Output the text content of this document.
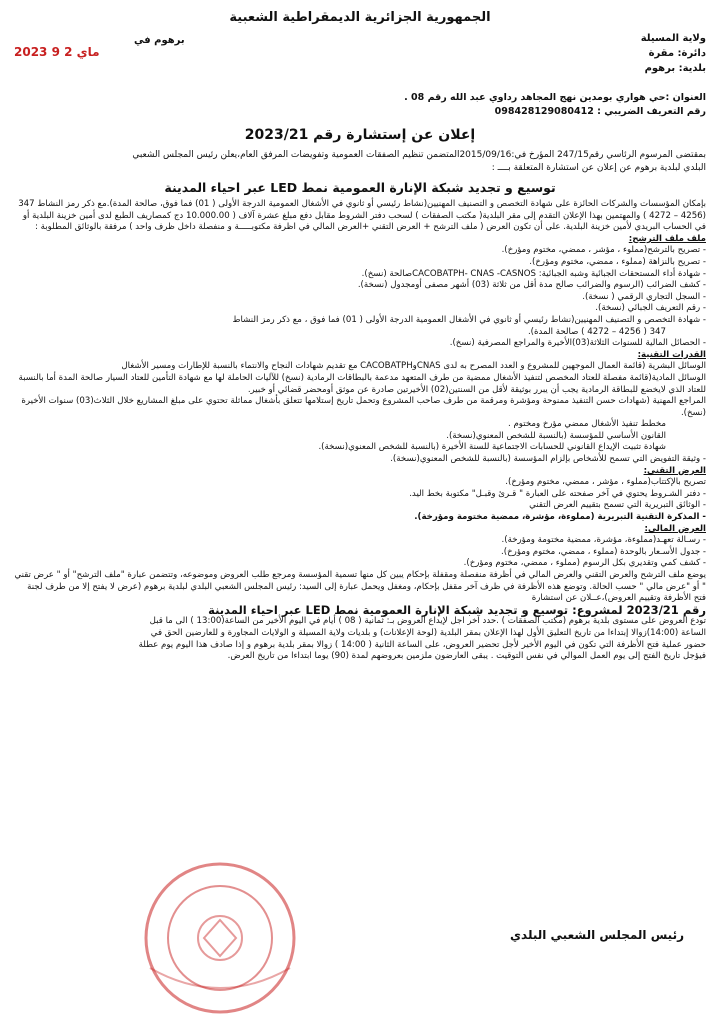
الجمهورية الجزائرية الديمقراطية الشعبية
ولاية المسيلة
دائرة: مقرة
بلدية: برهوم
برهوم في
2023 ماي 2 9
العنوان :حي هواري بومدين نهج المجاهد رداوي عبد الله رقم 08 .
رقم التعريف الضريبي : 098428129080412
إعلان عن إستشارة رقم 2023/21
بمقتضى المرسوم الرئاسي رقم247/15 المؤرخ في:2015/09/16المتضمن تنظيم الصفقات العمومية وتفويضات المرفق العام،يعلن رئيس المجلس الشعبي
البلدي لبلدية برهوم عن إعلان عن استشارة المتعلقة بــــ :
توسيع و تجديد شبكة الإنارة العمومية نمط LED عبر احياء المدينة

بإمكان المؤسسات والشركات الحائزة على شهادة التخصص و التصنيف المهنيين(نشاط رئيسي أو ثانوي في الأشغال العمومية الدرجة الأولى ( 01) فما فوق، صالحة المدة).مع ذكر رمز النشاط 347 (4256 – 4272 ) والمهتمين بهذا الإعلان التقدم إلى مقر البلدية( مكتب الصفقات ) لسحب دفتر الشروط مقابل دفع مبلغ عشرة آلاف ( 10.000.00 دج كمصاريف الطبع لدى أمين خزينة البلدية أو في الحساب البريدي لأمين خزينة البلدية. على أن تكون العرض ( ملف الترشح + العرض التقني +العرض المالي في اظرفة مكتوبـــــة و منفصلة داخل ظرف واحد ) مرفقة بالوثائق المطلوبة :

ملف ملف الترشح:

- تصريح بالترشح(مملوء ، مؤشر ، ممضي، مختوم ومؤرخ).

- تصريح بالنزاهة (مملوء ، ممضي، مختوم ومؤرخ).

- شهادة أداء المستحقات الجبائية وشبه الجبائية: CACOBATPH- CNAS -CASNOSصالحة (نسخ).

- كشف الضرائب (الرسوم والضرائب صالح مدة أقل من ثلاثة (03) أشهر مصفى أومجدول (نسخة).

- السجل التجاري الرقمي ( نسخة).

- رقم التعريف الجبائي (نسخة).

- شهادة التخصص و التصنيف المهنيين(نشاط رئيسي أو ثانوي في الأشغال العمومية الدرجة الأولى ( 01) فما فوق ، مع ذكر رمز النشاط

347 ( 4256 – 4272 ) صالحة المدة).

- الحصائل المالية للسنوات الثلاثة(03)الأخيرة والمراجع المصرفية (نسخ).

القدرات التقنية:

الوسائل البشرية (قائمة العمال الموجهين للمشروع و العدد المصرح به لدى CNASوCACOBATPH مع تقديم شهادات النجاح والانتماء بالنسبة للإطارات ومسير الأشغال

الوسائل المادية(قائمة مفصلة للعتاد المخصص لتنفيذ الأشغال ممضية من طرف المتعهد مدعمة بالبطاقات الرمادية (نسخ) للآليات الحاملة لها مع شهادة التأمين للعتاد السيار صالحة المدة أما بالنسبة للعتاد الذي لايخضع للبطاقة الرمادية يجب أن يبرر بوثيقة لأقل من السنتين(02) الأخيرتين صادرة عن موثق أومحضر قضائي أو خبير.

المراجع المهنية (شهادات حسن التنفيذ ممنوحة ومؤشرة ومرقمة من طرف صاحب المشروع وتحمل تاريخ إستلامها تتعلق بأشغال مماثلة تحتوي على مبلغ المشاريع خلال الثلاث(03) سنوات الأخيرة (نسخ).

مخطط تنفيذ الأشغال ممضي مؤرخ ومختوم .

القانون الأساسي للمؤسسة (بالنسبة للشخص المعنوي(نسخة).

شهادة تثبيت الإيداع القانوني للحسابات الاجتماعية للسنة الأخيرة (بالنسبة للشخص المعنوي(نسخة).

- وثيقة التفويض التي تسمح للأشخاص بإلزام المؤسسة (بالنسبة للشخص المعنوي(نسخة).

العرض التقني:

تصريح بالإكتتاب(مملوء ، مؤشر ، ممضي، مختوم ومؤرخ).

- دفتر الشـروط يحتوي في آخر صفحته على العبارة " قـرئ وقبـل" مكتوبة بخط اليد.

- الوثائق التبريرية التي تسمح بتقييم العرض التقني

- المذكرة التقنية التبريرية (مملوءة، مؤشرة، ممضية مختومة ومؤرخة).

العرض المالي:

- رسـالة تعهـد(مملوءة، مؤشرة، ممضية مختومة ومؤرخة).

- جدول الأسـعار بالوحدة (مملوء ، ممضي، مختوم ومؤرخ).

- كشف كمي وتقديري بكل الرسوم (مملوء ، ممضي، مختوم ومؤرخ).

يوضع ملف الترشح والعرض التقني والعرض المالي في أظرفة منفصلة ومقفلة بإحكام يبين كل منها تسمية المؤسسة ومرجع طلب العروض وموضوعه، وتتضمن عبارة "ملف الترشح" أو " عرض تقني " أو "عرض مالي " حسب الحالة. وتوضع هذه الأظرفة في ظرف آخر مقفل بإحكام، ومغفل ويحمل عبارة إلى السيد: رئيس المجلس الشعبي البلدي لبلدية برهوم (عرض لا يفتح إلا من طرف لجنة فتح الأظرفة وتقييم العروض)،عــلان عن استشارة

رقم 2023/21 لمشروع: توسيع و تجديد شبكة الإنارة العمومية نمط LED عبر احياء المدينة

تودع العروض على مستوى بلدية برهوم (مكتب الصفقات ) .حدد آخر اجل لإيداع العروض بـ: ثمانية ( 08 ) أيام في اليوم الأخير من الساعة(13:00 ) الى ما قبل الساعة (14:00)زوالا إبتداءا من تاريخ التعليق الأول لهذا الإعلان بمقر البلدية (لوحة الإعلانات) و بلديات ولاية المسيلة و الولايات المجاورة و للعارضين الحق في حضور عملية فتح الأظرفة التي تكون في اليوم الأخير لأجل تحضير العروض، على الساعة الثانية ( 14:00 ) زوالا بمقر بلدية برهوم و إذا صادف هذا اليوم يوم عطلة فيؤجل تاريخ الفتح إلى يوم العمل الموالي في نفس التوقيت . يبقى العارضون ملزمين بعروضهم لمدة (90) يوما ابتداءا من تاريخ العرض.

رئيس المجلس الشعبي البلدي
